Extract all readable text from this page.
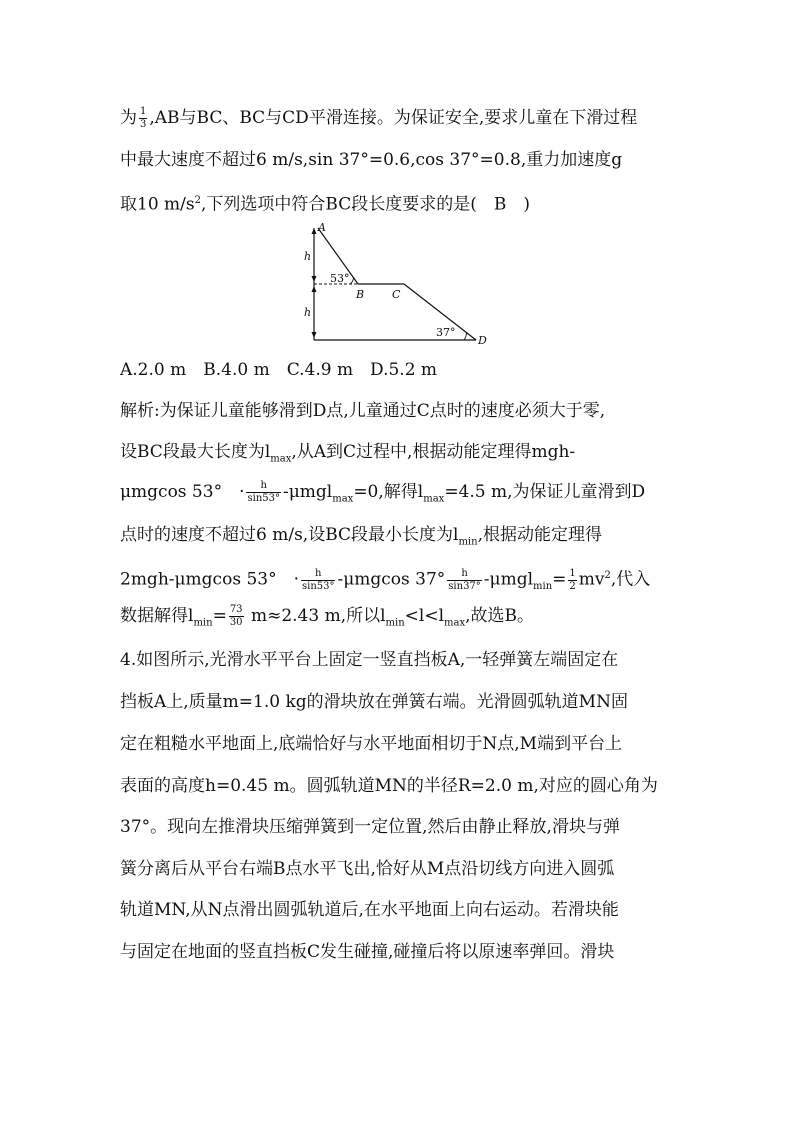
为 $\frac{1}{3} ,AB$与BC、BC与CD平滑连接。为保证安全,要求儿童在下滑过程
中最大速度不超过6 m/s,sin 37°=0.6,cos 37°=0.8,重力加速度g
取10 $m/s^2$,下列选项中符合BC段长度要求的是(　B　)
A
B	C
D
h
h
53°
37°
A.2.0 m　B.4.0 m　C.4.9 m　D.5.2 m
解析:为保证儿童能够滑到D点,儿童通过C点时的速度必须大于零,
设BC段最大长度为$l_{max}$,从A到C过程中,根据动能定理得mgh-
μmgcos 53°　· $\frac{h}{\sin 53^\circ} -\mu mgl_{max}=0$,解得$l_{max}=4.5$ m,为保证儿童滑到D
点时的速度不超过6 m/s,设BC段最小长度为$l_{min}$,根据动能定理得
2mgh-μmgcos 53°　· $\frac{h}{\sin 53^\circ} -\mu mgcos$ $37^\circ \frac{h}{\sin 37^\circ} -\mu mgl_{min}= \frac{1}{2} mv^2$,代入
数据解得$l_{min}= \frac{73}{30} m\approx 2.43$ m,所以$l_{min}<l<l_{max}$,故选B。
4.如图所示,光滑水平平台上固定一竖直挡板A,一轻弹簧左端固定在
挡板A上,质量m=1.0 kg的滑块放在弹簧右端。光滑圆弧轨道MN固
定在粗糙水平地面上,底端恰好与水平地面相切于N点,M端到平台上
表面的高度h=0.45 m。圆弧轨道MN的半径R=2.0 m,对应的圆心角为
37°。现向左推滑块压缩弹簧到一定位置,然后由静止释放,滑块与弹
簧分离后从平台右端B点水平飞出,恰好从M点沿切线方向进入圆弧
轨道MN,从N点滑出圆弧轨道后,在水平地面上向右运动。若滑块能
与固定在地面的竖直挡板C发生碰撞,碰撞后将以原速率弹回。滑块
